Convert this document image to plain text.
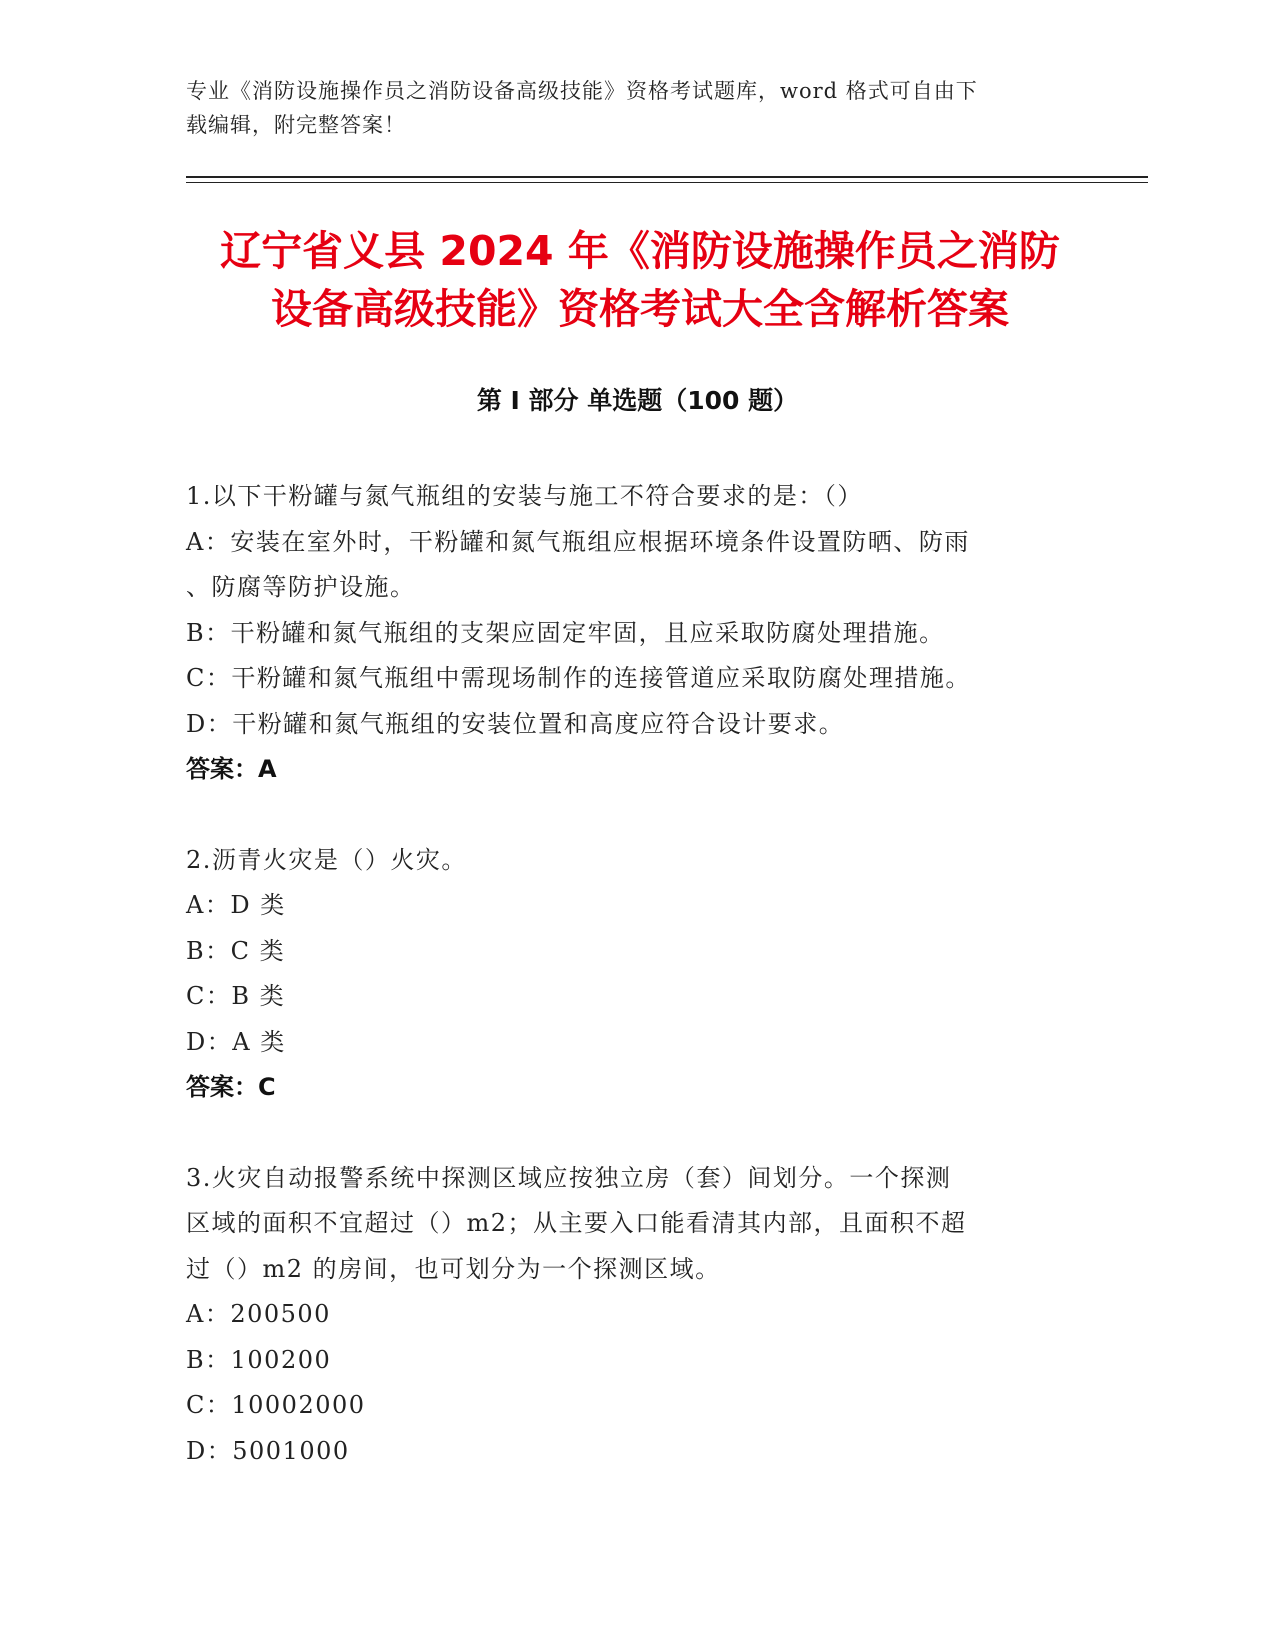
专业《消防设施操作员之消防设备高级技能》资格考试题库，word 格式可自由下
载编辑，附完整答案！
辽宁省义县 2024 年《消防设施操作员之消防
设备高级技能》资格考试大全含解析答案
第 I 部分 单选题（100 题）
1.以下干粉罐与氮气瓶组的安装与施工不符合要求的是：（）
A：安装在室外时，干粉罐和氮气瓶组应根据环境条件设置防晒、防雨
、防腐等防护设施。
B：干粉罐和氮气瓶组的支架应固定牢固，且应采取防腐处理措施。
C：干粉罐和氮气瓶组中需现场制作的连接管道应采取防腐处理措施。
D：干粉罐和氮气瓶组的安装位置和高度应符合设计要求。
答案：A
2.沥青火灾是（）火灾。
A：D 类
B：C 类
C：B 类
D：A 类
答案：C
3.火灾自动报警系统中探测区域应按独立房（套）间划分。一个探测
区域的面积不宜超过（）m2；从主要入口能看清其内部，且面积不超
过（）m2 的房间，也可划分为一个探测区域。
A：200500
B：100200
C：10002000
D：5001000
